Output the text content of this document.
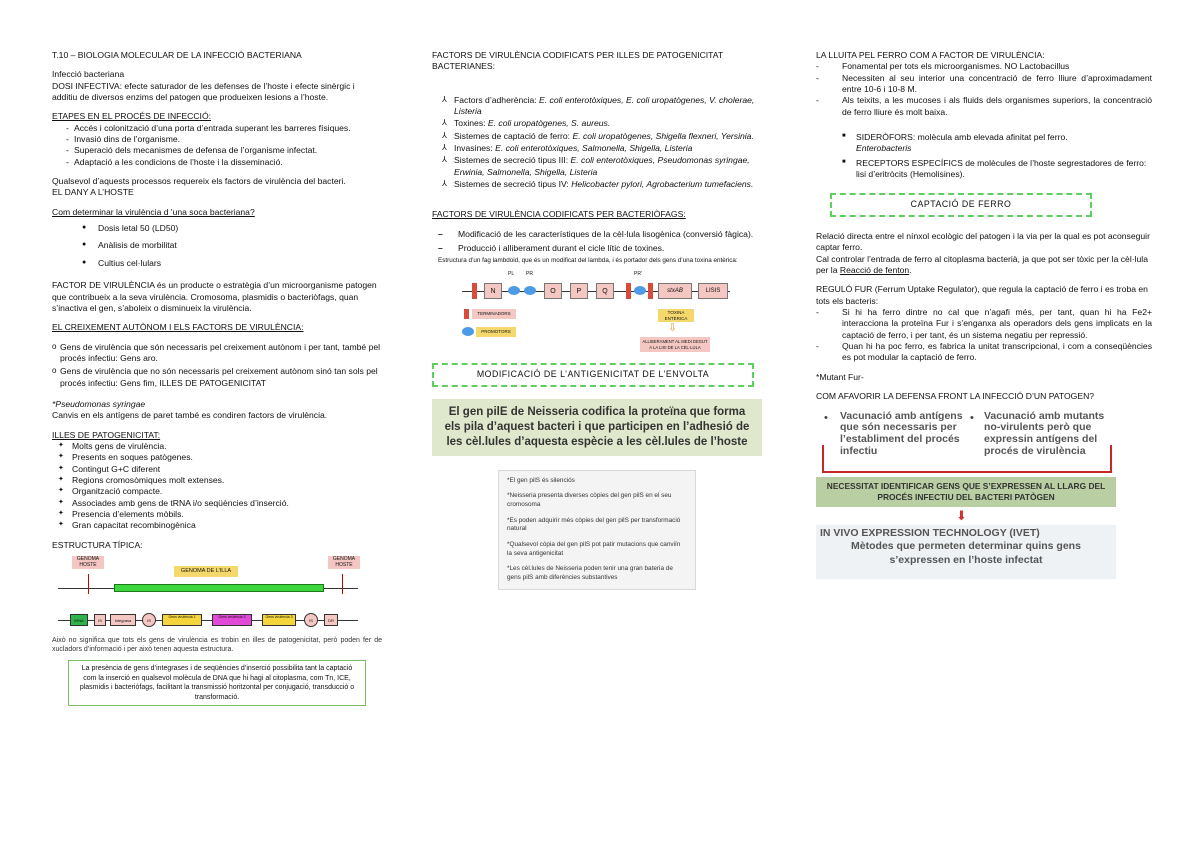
T.10 – BIOLOGIA MOLECULAR DE LA INFECCIÓ BACTERIANA

Infecció bacteriana

DOSI INFECTIVA: efecte saturador de les defenses de l’hoste i efecte sinèrgic i additiu de diversos enzims del patogen que produeixen lesions a l’hoste.

ETAPES EN EL PROCÉS DE INFECCIÓ:

- Accés i colonització d’una porta d’entrada superant les barreres físiques.
- Invasió dins de l’organisme.
- Superació dels mecanismes de defensa de l’organisme infectat.
- Adaptació a les condicions de l’hoste i la disseminació.

Qualsevol d’aquests processos requereix els factors de virulència del bacteri.

EL DANY A L’HOSTE

Com determinar la virulència d 'una soca bacteriana?

● Dosis letal 50 (LD50)
● Anàlisis de morbilitat
● Cultius cel·lulars

FACTOR DE VIRULÈNCIA és un producte o estratègia d’un microorganisme patogen que contribueix a la seva virulència. Cromosoma, plasmidis o bacteriòfags, quan s’inactiva el gen, s’aboleix o disminueix la virulència.

EL CREIXEMENT AUTÒNOM I ELS FACTORS DE VIRULÈNCIA:

o Gens de virulència que són necessaris pel creixement autònom i per tant, també pel procés infectiu: Gens aro.
o Gens de virulència que no són necessaris pel creixement autònom sinó tan sols pel procés infectiu: Gens fim, ILLES DE PATOGENICITAT

*Pseudomonas syringae

Canvis en els antígens de paret també es condiren factors de virulència.

ILLES DE PATOGENICITAT:

✦ Molts gens de virulència.
✦ Presents en soques patògenes.
✦ Contingut G+C diferent
✦ Regions cromosòmiques molt extenses.
✦ Organització compacte.
✦ Associades amb gens de tRNA i/o seqüències d’inserció.
✦ Presencia d’elements mòbils.
✦ Gran capacitat recombinogènica

ESTRUCTURA TÍPICA:

GENOMA HOSTE
GENOMA HOSTE
GENOMA DE L’ILLA
tRNA	IS	integrasa	IS
Gens virulència 1	Gens virulència 2	Gens virulència 3
IS	DR

Això no significa que tots els gens de virulència es trobin en illes de patogenicitat, però poden fer de xucladors d’informació i per això tenen aquesta estructura.

La presència de gens d’integrases i de seqüències d’inserció possibilita tant la captació com la inserció en qualsevol molècula de DNA que hi hagi al citoplasma, com Tn, ICE, plasmidis i bacteriòfags, facilitant la transmissió horitzontal per conjugació, transducció o transformació.

FACTORS DE VIRULÈNCIA CODIFICATS PER ILLES DE PATOGENICITAT BACTERIANES:

⅄ Factors d’adherència: E. coli enterotòxiques, E. coli uropatògenes, V. cholerae, Listeria
⅄ Toxines: E. coli uropatògenes, S. aureus.
⅄ Sistemes de captació de ferro: E. coli uropatògenes, Shigella flexneri, Yersinia.
⅄ Invasines: E. coli enterotòxiques, Salmonella, Shigella, Listeria
⅄ Sistemes de secreció tipus III: E. coli enterotòxiques, Pseudomonas syringae, Erwinia, Salmonella, Shigella, Listeria
⅄ Sistemes de secreció tipus IV: Helicobacter pylori, Agrobacterium tumefaciens.

FACTORS DE VIRULÈNCIA CODIFICATS PER BACTERIÒFAGS:

– Modificació de les característiques de la cèl·lula lisogènica (conversió fàgica).
– Producció i alliberament durant el cicle lític de toxines.

Estructura d’un fag lambdoid, que és un modificat del lambda, i és portador dels gens d’una toxina entèrica:

N	O	P	Q	stxAB	LISIS
PL PR	PR'
TOXINA ENTÈRICA
⇩
ALLIBERAMENT AL MEDI DEGUT A LA LISI DE LA CÈL·LULA
TERMINADORS
PROMOTORS
MODIFICACIÓ DE L’ANTIGENICITAT DE L’ENVOLTA
El gen pilE de Neisseria codifica la proteïna que forma els pila d’aquest bacteri i que participen en l’adhesió de les cèl.lules d’aquesta espècie a les cèl.lules de l’hoste

*El gen pilS és silenciós

*Neisseria presenta diverses còpies del gen pilS en el seu cromosoma

*Es poden adquirir més còpies del gen pilS per transformació natural

*Qualsevol còpia del gen pilS pot patir mutacions que canviïn la seva antigenicitat

*Les cèl.lules de Neisseria poden tenir una gran bateria de gens pilS amb diferències substantives

LA LLUITA PEL FERRO COM A FACTOR DE VIRULÈNCIA:

- Fonamental per tots els microorganismes. NO Lactobacillus
- Necessiten al seu interior una concentració de ferro lliure d’aproximadament entre 10-6 i 10-8 M.
- Als teixits, a les mucoses i als fluids dels organismes superiors, la concentració de ferro lliure és molt baixa.
■ SIDERÒFORS: molècula amb elevada afinitat pel ferro.
Enterobacteris
■ RECEPTORS ESPECÍFICS de molècules de l’hoste segrestadores de ferro: lisi d’eritròcits (Hemolisines).
CAPTACIÓ DE FERRO

Relació directa entre el nínxol ecològic del patogen i la via per la qual es pot aconseguir captar ferro.

Cal controlar l’entrada de ferro al citoplasma bacterià, ja que pot ser tòxic per la cèl·lula per la Reacció de fenton.

REGULÓ FUR (Ferrum Uptake Regulator), que regula la captació de ferro i es troba en tots els bacteris:

- Si hi ha ferro dintre no cal que n’agafi més, per tant, quan hi ha Fe2+ interacciona la proteïna Fur i s’enganxa als operadors dels gens implicats en la captació de ferro, i per tant, és un sistema negatiu per repressió.
- Quan hi ha poc ferro, es fabrica la unitat transcripcional, i com a conseqüències es pot modular la captació de ferro.

*Mutant Fur-

COM AFAVORIR LA DEFENSA FRONT LA INFECCIÓ D’UN PATOGEN?

• Vacunació amb antígens que són necessaris per l’establiment del procés infectiu
• Vacunació amb mutants no-virulents però que expressin antígens del procés de virulència
NECESSITAT IDENTIFICAR GENS QUE S’EXPRESSEN AL LLARG DEL PROCÉS INFECTIU DEL BACTERI PATÒGEN
⬇
IN VIVO EXPRESSION TECHNOLOGY (IVET)
Mètodes que permeten determinar quins gens s’expressen en l’hoste infectat
